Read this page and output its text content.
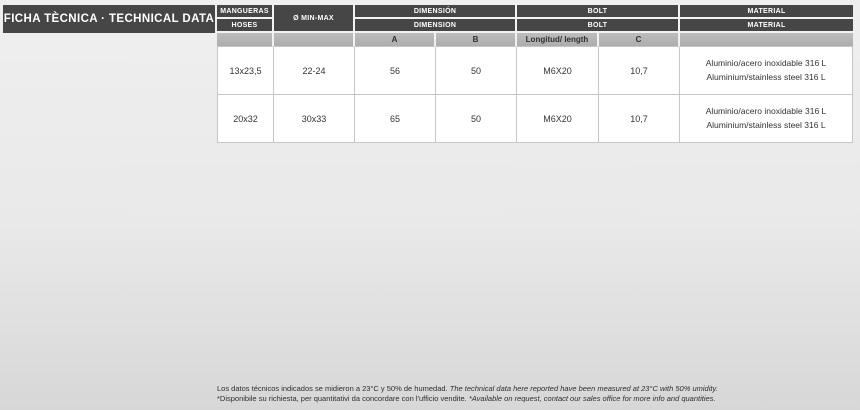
FICHA TÈCNICA · TECHNICAL DATA
MANGUERAS	Ø MIN-MAX	DIMENSIÓN		BOLT		MATERIAL
HOSES		DIMENSION		BOLT		MATERIAL
		A	B	Longitud/ length	C	
13x23,5	22-24	56	50	M6X20	10,7	Aluminio/acero inoxidable 316 L
Aluminium/stainless steel 316 L

20x32	30x33	65	50	M6X20	10,7	Aluminio/acero inoxidable 316 L
Aluminium/stainless steel 316 L
Los datos técnicos indicados se midieron a 23°C y 50% de humedad. The technical data here reported have been measured at 23°C with 50% umidity.
*Disponibile su richiesta, per quantitativi da concordare con l'ufficio vendite. *Available on request, contact our sales office for more info and quantities.
